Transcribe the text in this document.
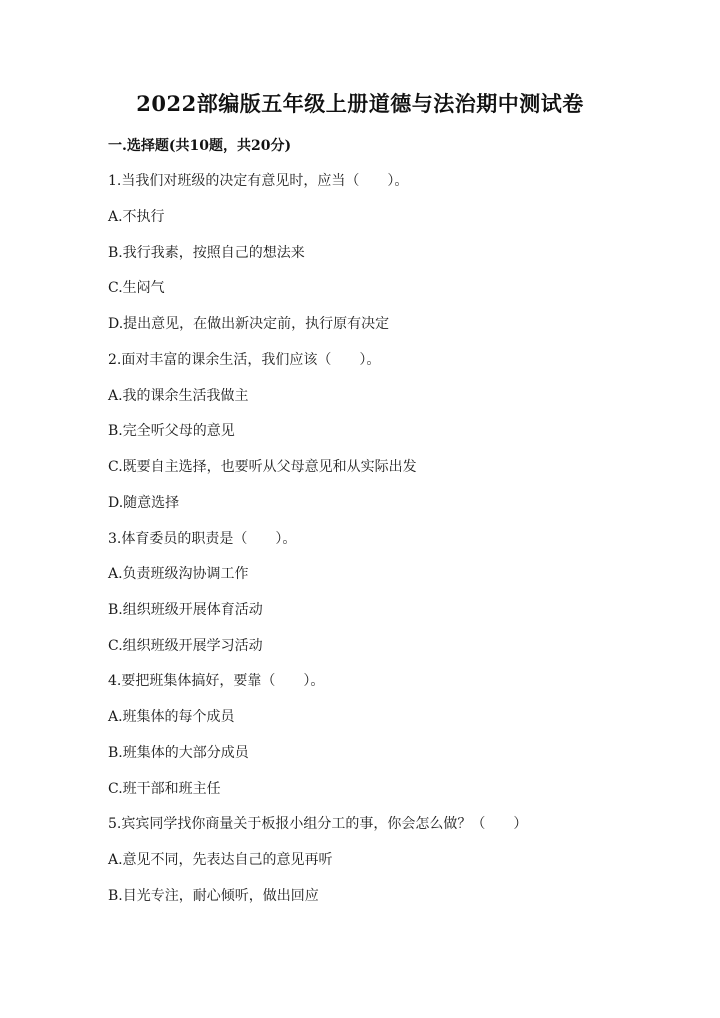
2022部编版五年级上册道德与法治期中测试卷
一.选择题(共10题，共20分)
1.当我们对班级的决定有意见时，应当（　　）。
A.不执行
B.我行我素，按照自己的想法来
C.生闷气
D.提出意见，在做出新决定前，执行原有决定
2.面对丰富的课余生活，我们应该（　　）。
A.我的课余生活我做主
B.完全听父母的意见
C.既要自主选择，也要听从父母意见和从实际出发
D.随意选择
3.体育委员的职责是（　　）。
A.负责班级沟协调工作
B.组织班级开展体育活动
C.组织班级开展学习活动
4.要把班集体搞好，要靠（　　）。
A.班集体的每个成员
B.班集体的大部分成员
C.班干部和班主任
5.宾宾同学找你商量关于板报小组分工的事，你会怎么做？（　　）
A.意见不同，先表达自己的意见再听
B.目光专注，耐心倾听，做出回应
